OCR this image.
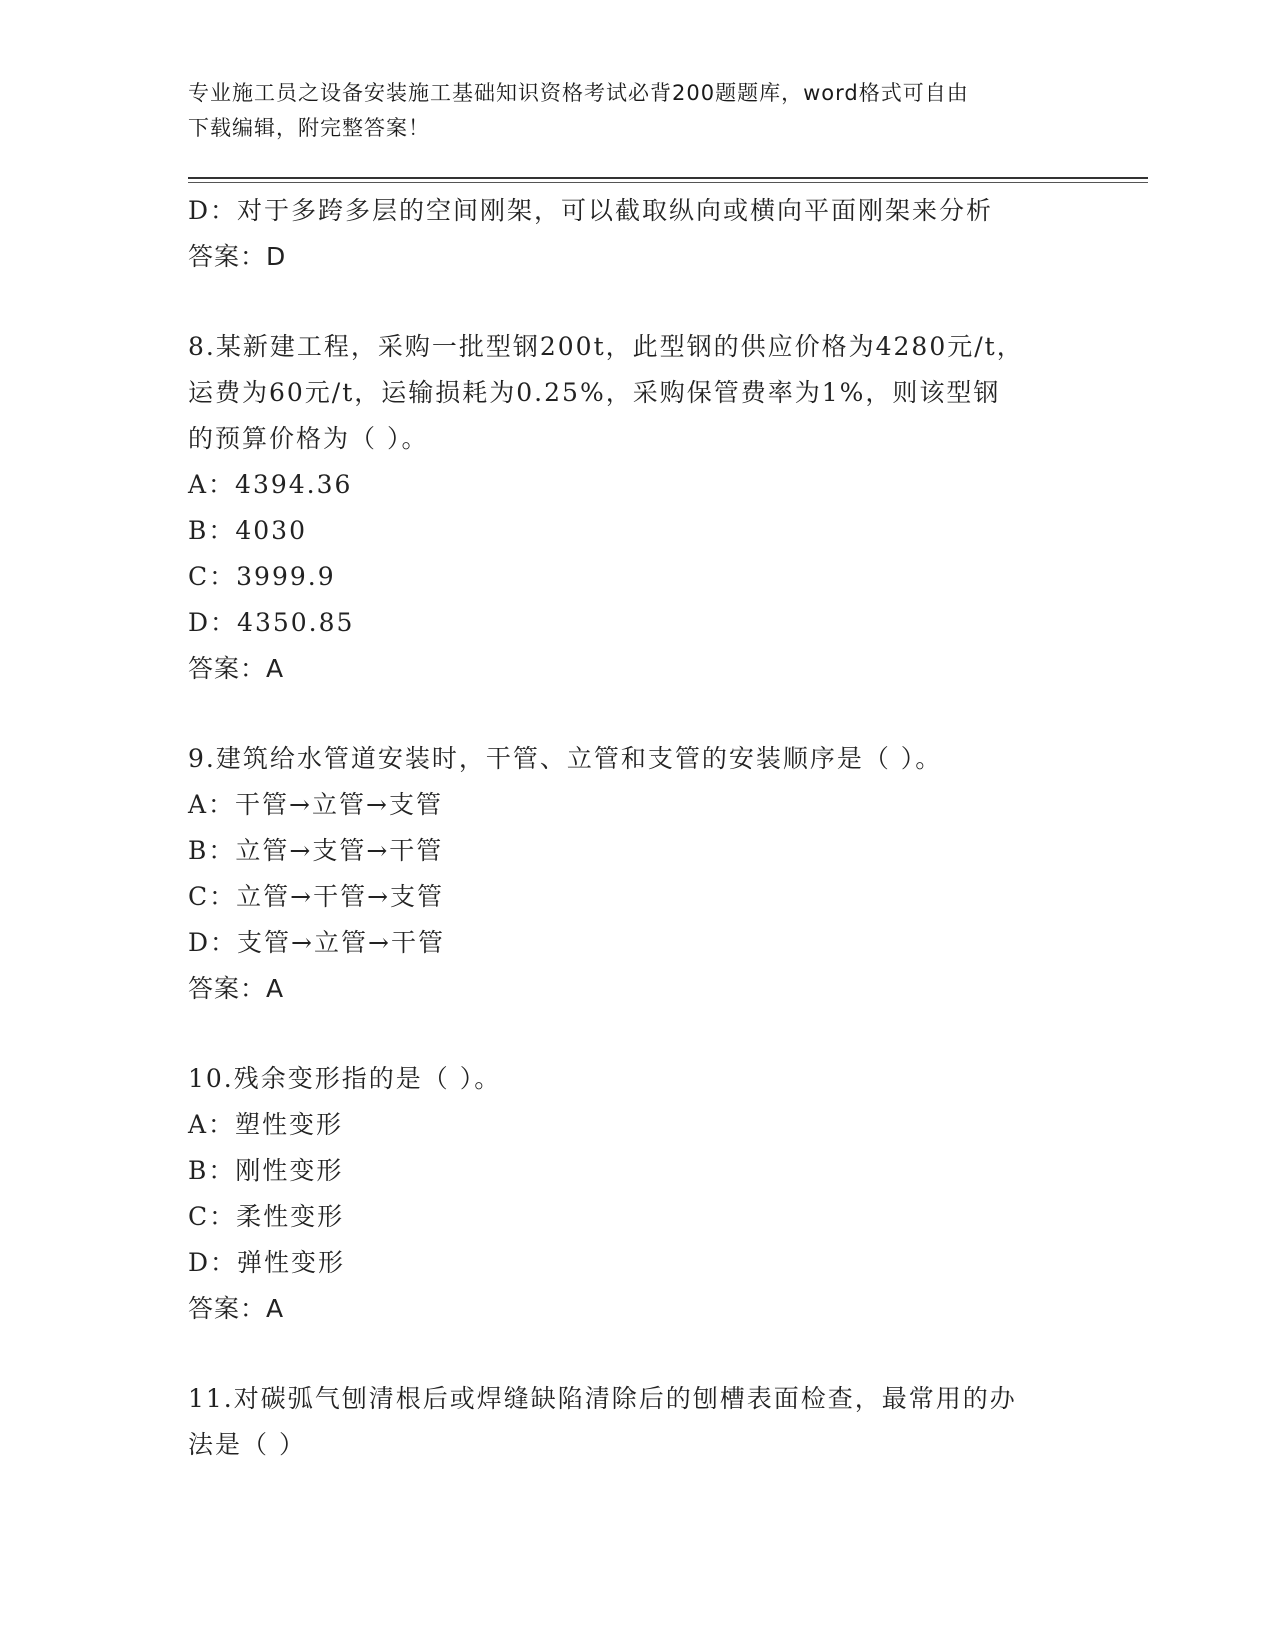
专业施工员之设备安装施工基础知识资格考试必背200题题库，word格式可自由
下载编辑，附完整答案！
D：对于多跨多层的空间刚架，可以截取纵向或横向平面刚架来分析
答案：D
8.某新建工程，采购一批型钢200t，此型钢的供应价格为4280元/t，
运费为60元/t，运输损耗为0.25%，采购保管费率为1%，则该型钢
的预算价格为（ ）。
A：4394.36
B：4030
C：3999.9
D：4350.85
答案：A
9.建筑给水管道安装时，干管、立管和支管的安装顺序是（ ）。
A：干管→立管→支管
B：立管→支管→干管
C：立管→干管→支管
D：支管→立管→干管
答案：A
10.残余变形指的是（ ）。
A：塑性变形
B：刚性变形
C：柔性变形
D：弹性变形
答案：A
11.对碳弧气刨清根后或焊缝缺陷清除后的刨槽表面检查，最常用的办
法是（ ）
